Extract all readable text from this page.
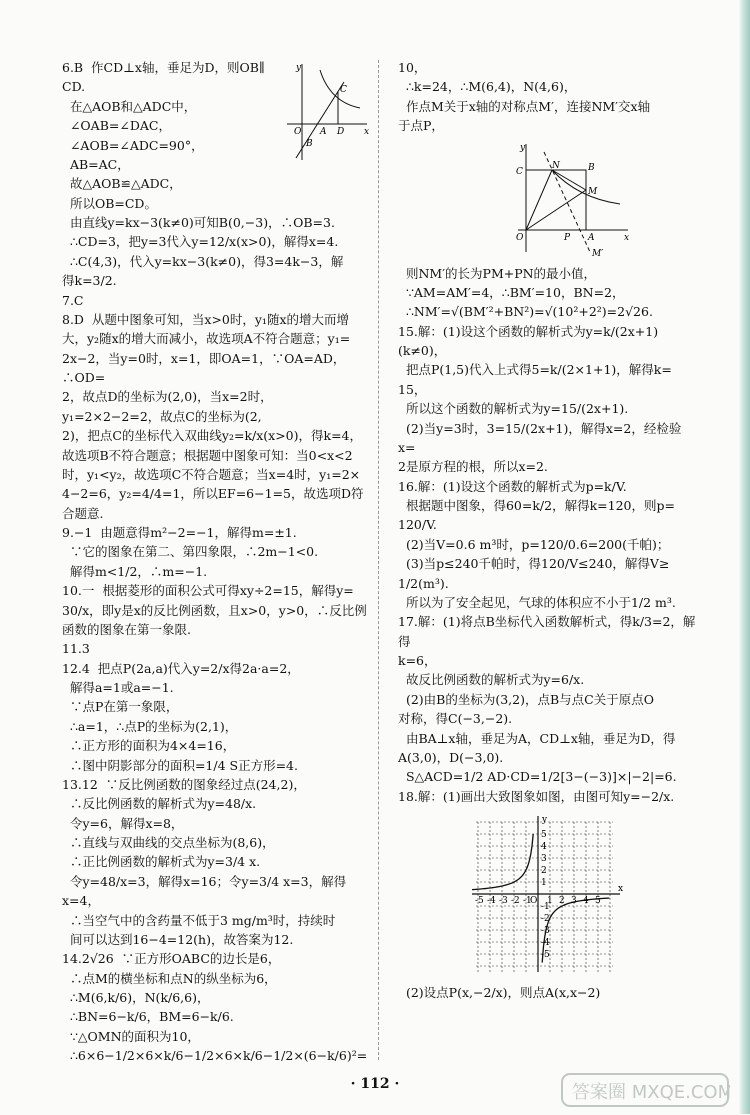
6.B  作CD⊥x轴，垂足为D，则OB∥

CD.

在△AOB和△ADC中，

∠OAB=∠DAC，

∠AOB=∠ADC=90°，

AB=AC，

故△AOB≌△ADC，

所以OB=CD。

由直线y=kx−3(k≠0)可知B(0,−3)，∴OB=3.

∴CD=3，把y=3代入y=12/x(x>0)，解得x=4.

∴C(4,3)，代入y=kx−3(k≠0)，得3=4k−3，解

得k=3/2.

7.C

8.D  从题中图象可知，当x>0时，y₁随x的增大而增

大，y₂随x的增大而减小，故选项A不符合题意；y₁=

2x−2，当y=0时，x=1，即OA=1，∵OA=AD，∴OD=

2，故点D的坐标为(2,0)，当x=2时，y₁=2×2−2=2，故点C的坐标为(2,

2)，把点C的坐标代入双曲线y₂=k/x(x>0)，得k=4，

故选项B不符合题意；根据题中图象可知：当0<x<2

时，y₁<y₂，故选项C不符合题意；当x=4时，y₁=2×

4−2=6，y₂=4/4=1，所以EF=6−1=5，故选项D符

合题意.

9.−1  由题意得m²−2=−1，解得m=±1.

∵它的图象在第二、第四象限，∴2m−1<0.

解得m<1/2，∴m=−1.

10.一  根据菱形的面积公式可得xy÷2=15，解得y=

30/x，即y是x的反比例函数，且x>0，y>0，∴反比例

函数的图象在第一象限.

11.3

12.4  把点P(2a,a)代入y=2/x得2a·a=2，

解得a=1或a=−1.

∵点P在第一象限，

∴a=1，∴点P的坐标为(2,1)，

∴正方形的面积为4×4=16，

∴图中阴影部分的面积=1/4 S正方形=4.

13.12  ∵反比例函数的图象经过点(24,2)，

∴反比例函数的解析式为y=48/x.

令y=6，解得x=8，

∴直线与双曲线的交点坐标为(8,6)，

∴正比例函数的解析式为y=3/4 x.

令y=48/x=3，解得x=16；令y=3/4 x=3，解得

x=4，

∴当空气中的含药量不低于3 mg/m³时，持续时

间可以达到16−4=12(h)，故答案为12.

14.2√26  ∵正方形OABC的边长是6，

∴点M的横坐标和点N的纵坐标为6，

∴M(6,k/6)，N(k/6,6)，

∴BN=6−k/6，BM=6−k/6.

∵△OMN的面积为10，

∴6×6−1/2×6×k/6−1/2×6×k/6−1/2×(6−k/6)²=

10，

∴k=24，∴M(6,4)，N(4,6)，

作点M关于x轴的对称点M′，连接NM′交x轴

于点P，

y
x
O
C
N	B
M
P A
M′

则NM′的长为PM+PN的最小值，

∵AM=AM′=4，∴BM′=10，BN=2，

∴NM′=√(BM′²+BN²)=√(10²+2²)=2√26.

15.解：(1)设这个函数的解析式为y=k/(2x+1)(k≠0)，

把点P(1,5)代入上式得5=k/(2×1+1)，解得k=

15，

所以这个函数的解析式为y=15/(2x+1).

(2)当y=3时，3=15/(2x+1)，解得x=2，经检验x=

2是原方程的根，所以x=2.

16.解：(1)设这个函数的解析式为p=k/V.

根据题中图象，得60=k/2，解得k=120，则p=

120/V.

(2)当V=0.6 m³时，p=120/0.6=200(千帕)；

(3)当p≤240千帕时，得120/V≤240，解得V≥

1/2(m³).

所以为了安全起见，气球的体积应不小于1/2 m³.

17.解：(1)将点B坐标代入函数解析式，得k/3=2，解得

k=6，

故反比例函数的解析式为y=6/x.

(2)由B的坐标为(3,2)，点B与点C关于原点O

对称，得C(−3,−2).

由BA⊥x轴，垂足为A，CD⊥x轴，垂足为D，得

A(3,0)，D(−3,0).

S△ACD=1/2 AD·CD=1/2[3−(−3)]×|−2|=6.

18.解：(1)画出大致图象如图，由图可知y=−2/x.

y
x
-5 -4 -3 -2 -1 1 2 3 4 5
O
5
4
3
2
1
-1
-2
-3
-4
-5

(2)设点P(x,−2/x)，则点A(x,x−2)

y
x
O A D
C
B
· 112 ·	答案圈 MXQE.COM
